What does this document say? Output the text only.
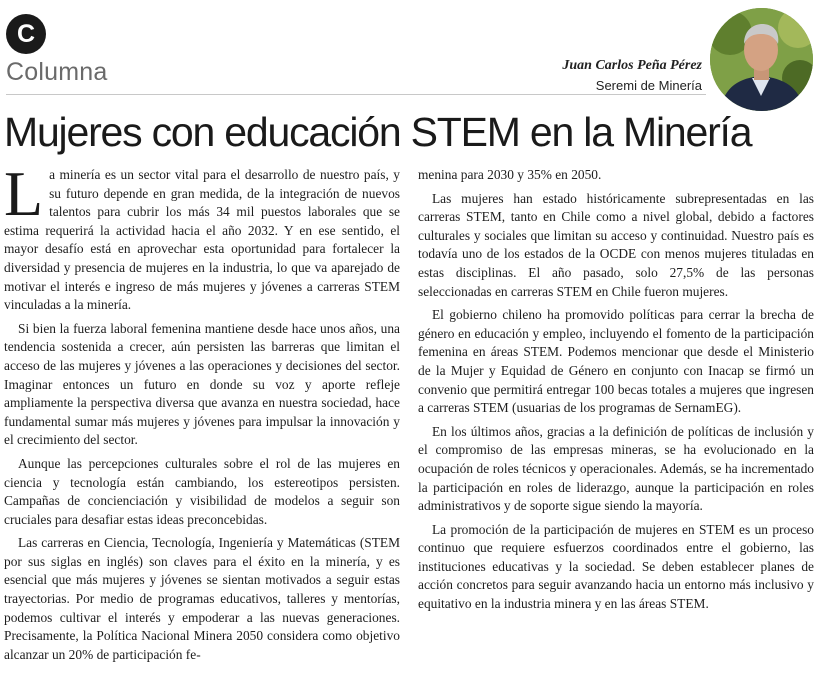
C
Columna	Juan Carlos Peña Pérez
Seremi de Minería
Mujeres con educación STEM en la Minería

La minería es un sector vital para el desarrollo de nuestro país, y su futuro depende en gran medida, de la integración de nuevos talentos para cubrir los más 34 mil puestos laborales que se estima requerirá la actividad hacia el año 2032. Y en ese sentido, el mayor desafío está en aprovechar esta oportunidad para fortalecer la diversidad y presencia de mujeres en la industria, lo que va aparejado de motivar el interés e ingreso de más mujeres y jóvenes a carreras STEM vinculadas a la minería.

Si bien la fuerza laboral femenina mantiene desde hace unos años, una tendencia sostenida a crecer, aún persisten las barreras que limitan el acceso de las mujeres y jóvenes a las operaciones y decisiones del sector. Imaginar entonces un futuro en donde su voz y aporte refleje ampliamente la perspectiva diversa que avanza en nuestra sociedad, hace fundamental sumar más mujeres y jóvenes para impulsar la innovación y el crecimiento del sector.

Aunque las percepciones culturales sobre el rol de las mujeres en ciencia y tecnología están cambiando, los estereotipos persisten. Campañas de concienciación y visibilidad de modelos a seguir son cruciales para desafiar estas ideas preconcebidas.

Las carreras en Ciencia, Tecnología, Ingeniería y Matemáticas (STEM por sus siglas en inglés) son claves para el éxito en la minería, y es esencial que más mujeres y jóvenes se sientan motivados a seguir estas trayectorias. Por medio de programas educativos, talleres y mentorías, podemos cultivar el interés y empoderar a las nuevas generaciones. Precisamente, la Política Nacional Minera 2050 considera como objetivo alcanzar un 20% de participación fe-

menina para 2030 y 35% en 2050.

Las mujeres han estado históricamente subrepresentadas en las carreras STEM, tanto en Chile como a nivel global, debido a factores culturales y sociales que limitan su acceso y continuidad. Nuestro país es todavía uno de los estados de la OCDE con menos mujeres tituladas en estas disciplinas. El año pasado, solo 27,5% de las personas seleccionadas en carreras STEM en Chile fueron mujeres.

El gobierno chileno ha promovido políticas para cerrar la brecha de género en educación y empleo, incluyendo el fomento de la participación femenina en áreas STEM. Podemos mencionar que desde el Ministerio de la Mujer y Equidad de Género en conjunto con Inacap se firmó un convenio que permitirá entregar 100 becas totales a mujeres que ingresen a carreras STEM (usuarias de los programas de SernamEG).

En los últimos años, gracias a la definición de políticas de inclusión y el compromiso de las empresas mineras, se ha evolucionado en la ocupación de roles técnicos y operacionales. Además, se ha incrementado la participación en roles de liderazgo, aunque la participación en roles administrativos y de soporte sigue siendo la mayoría.

La promoción de la participación de mujeres en STEM es un proceso continuo que requiere esfuerzos coordinados entre el gobierno, las instituciones educativas y la sociedad. Se deben establecer planes de acción concretos para seguir avanzando hacia un entorno más inclusivo y equitativo en la industria minera y en las áreas STEM.
